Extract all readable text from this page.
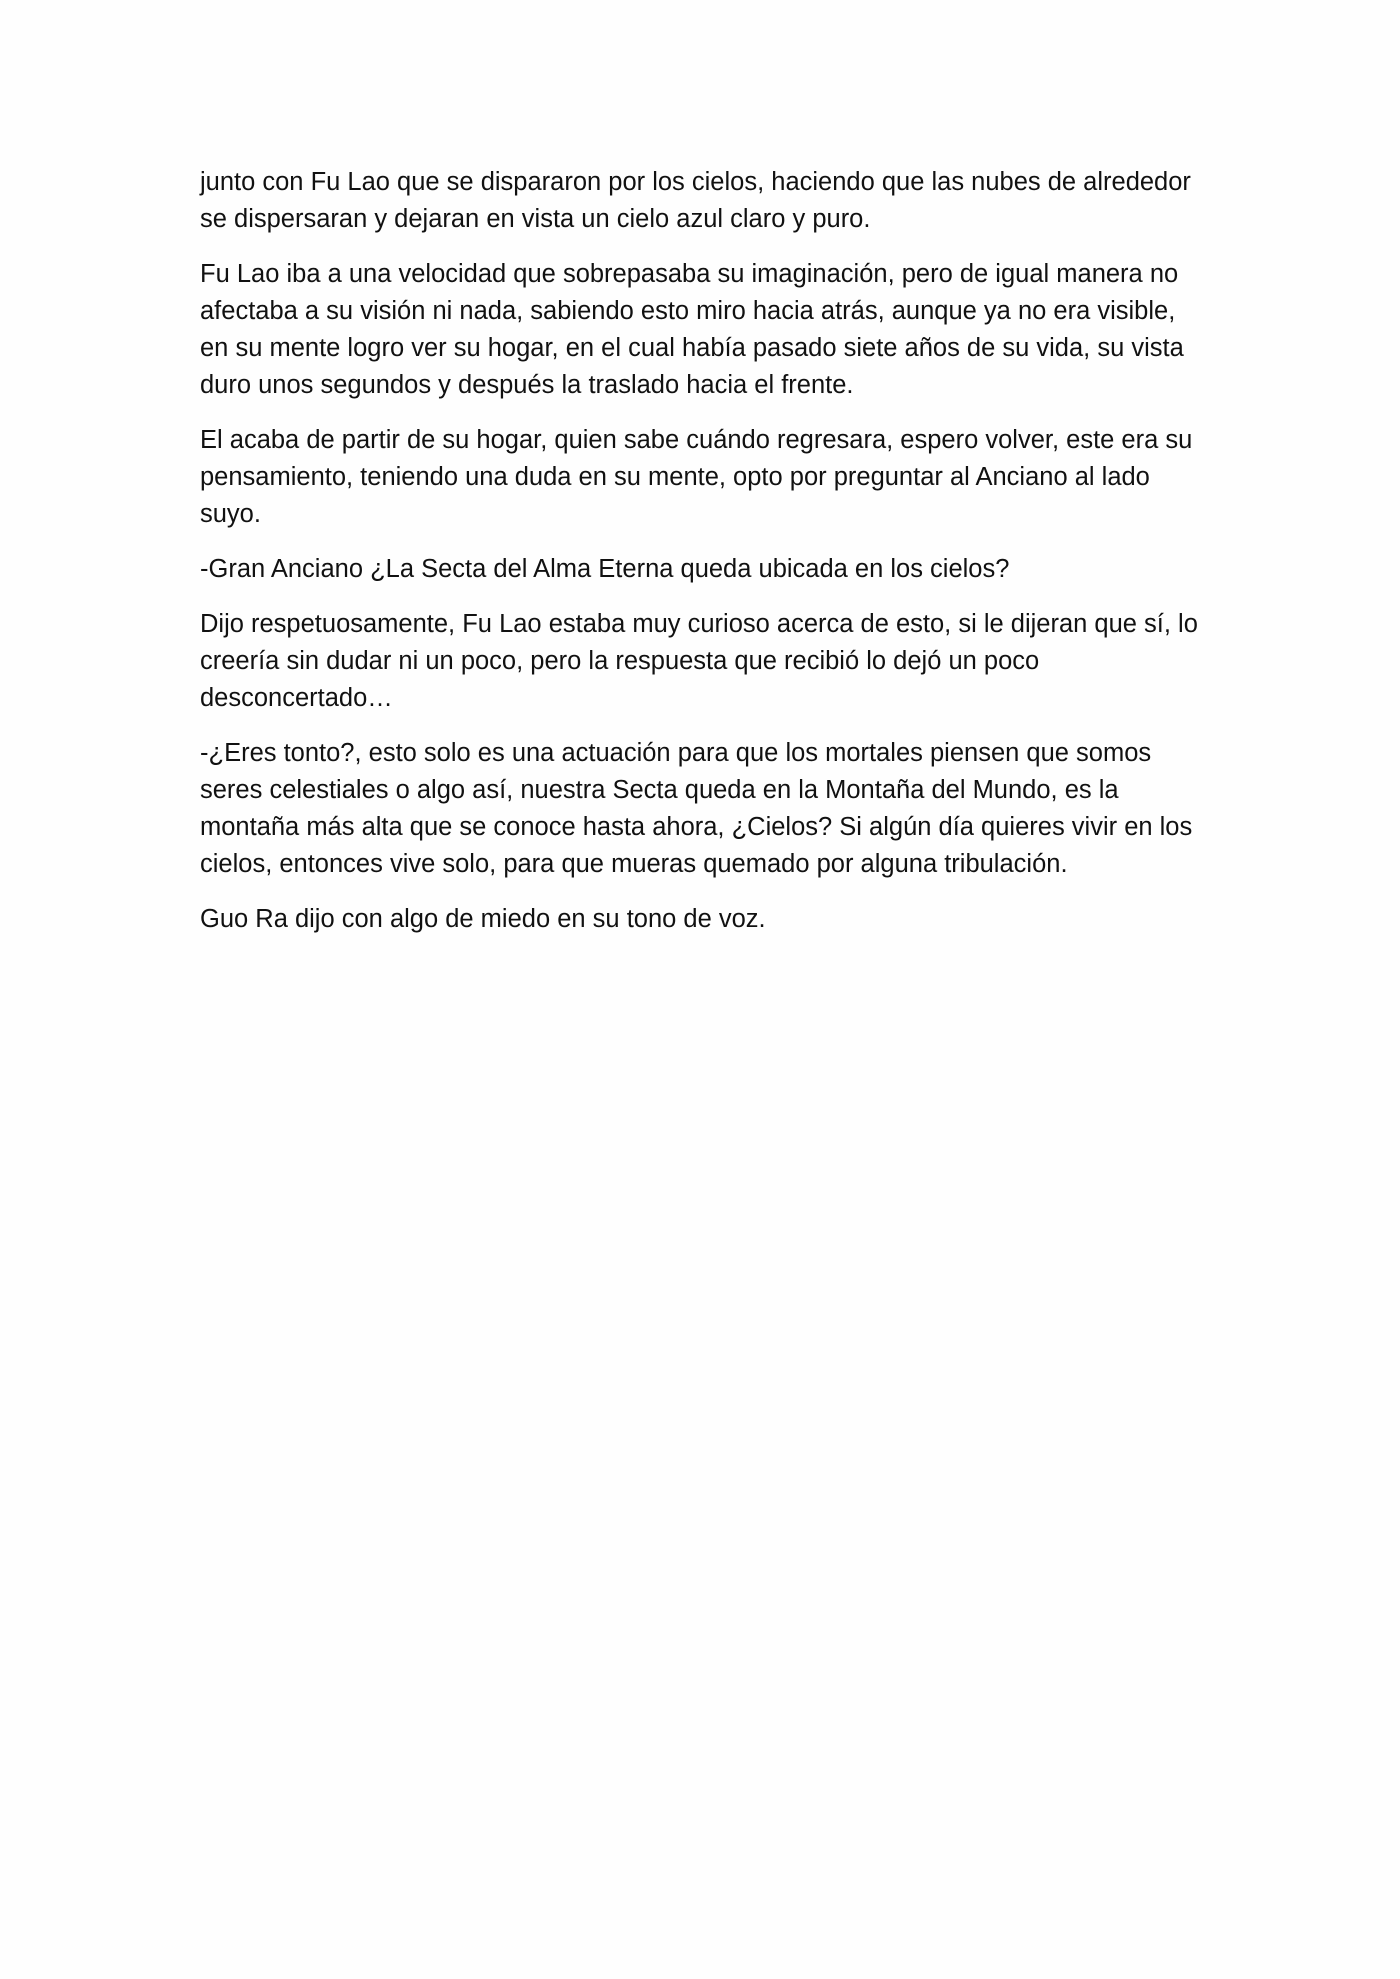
junto con Fu Lao que se dispararon por los cielos, haciendo que las nubes de alrededor se dispersaran y dejaran en vista un cielo azul claro y puro.

Fu Lao iba a una velocidad que sobrepasaba su imaginación, pero de igual manera no afectaba a su visión ni nada, sabiendo esto miro hacia atrás, aunque ya no era visible, en su mente logro ver su hogar, en el cual había pasado siete años de su vida, su vista duro unos segundos y después la traslado hacia el frente.

El acaba de partir de su hogar, quien sabe cuándo regresara, espero volver, este era su pensamiento, teniendo una duda en su mente, opto por preguntar al Anciano al lado suyo.

-Gran Anciano ¿La Secta del Alma Eterna queda ubicada en los cielos?

Dijo respetuosamente, Fu Lao estaba muy curioso acerca de esto, si le dijeran que sí, lo creería sin dudar ni un poco, pero la respuesta que recibió lo dejó un poco desconcertado…

-¿Eres tonto?, esto solo es una actuación para que los mortales piensen que somos seres celestiales o algo así, nuestra Secta queda en la Montaña del Mundo, es la montaña más alta que se conoce hasta ahora, ¿Cielos? Si algún día quieres vivir en los cielos, entonces vive solo, para que mueras quemado por alguna tribulación.

Guo Ra dijo con algo de miedo en su tono de voz.
